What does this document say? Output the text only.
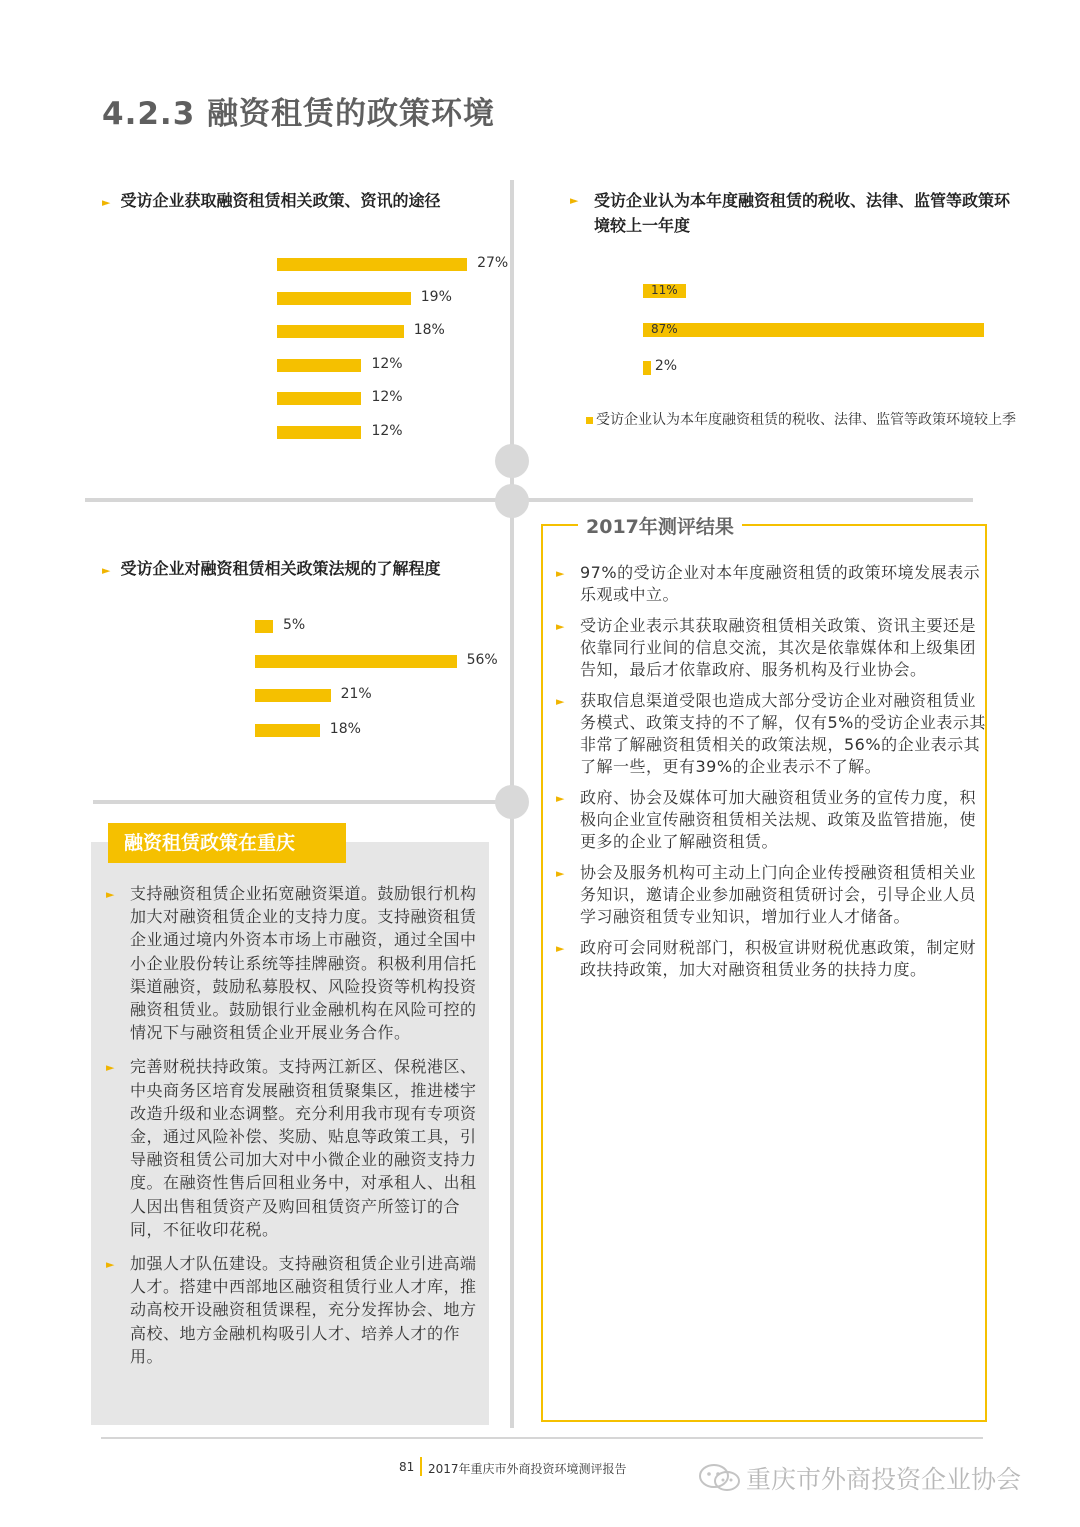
4.2.3 融资租赁的政策环境
► 受访企业获取融资租赁相关政策、资讯的途径
27%
19%
18%
12%
12%
12%
► 受访企业认为本年度融资租赁的税收、法律、监管等政策环境较上一年度
11%
87%
2%
受访企业认为本年度融资租赁的税收、法律、监管等政策环境较上季
► 受访企业对融资租赁相关政策法规的了解程度
5%
56%
21%
18%
2017年测评结果
► 97%的受访企业对本年度融资租赁的政策环境发展表示乐观或中立。
► 受访企业表示其获取融资租赁相关政策、资讯主要还是依靠同行业间的信息交流，其次是依靠媒体和上级集团告知，最后才依靠政府、服务机构及行业协会。
► 获取信息渠道受限也造成大部分受访企业对融资租赁业务模式、政策支持的不了解，仅有5%的受访企业表示其非常了解融资租赁相关的政策法规，56%的企业表示其了解一些，更有39%的企业表示不了解。
► 政府、协会及媒体可加大融资租赁业务的宣传力度，积极向企业宣传融资租赁相关法规、政策及监管措施，使更多的企业了解融资租赁。
► 协会及服务机构可主动上门向企业传授融资租赁相关业务知识，邀请企业参加融资租赁研讨会，引导企业人员学习融资租赁专业知识，增加行业人才储备。
► 政府可会同财税部门，积极宣讲财税优惠政策，制定财政扶持政策，加大对融资租赁业务的扶持力度。
融资租赁政策在重庆
► 支持融资租赁企业拓宽融资渠道。鼓励银行机构加大对融资租赁企业的支持力度。支持融资租赁企业通过境内外资本市场上市融资，通过全国中小企业股份转让系统等挂牌融资。积极利用信托渠道融资，鼓励私募股权、风险投资等机构投资融资租赁业。鼓励银行业金融机构在风险可控的情况下与融资租赁企业开展业务合作。
► 完善财税扶持政策。支持两江新区、保税港区、中央商务区培育发展融资租赁聚集区，推进楼宇改造升级和业态调整。充分利用我市现有专项资金，通过风险补偿、奖励、贴息等政策工具，引导融资租赁公司加大对中小微企业的融资支持力度。在融资性售后回租业务中，对承租人、出租人因出售租赁资产及购回租赁资产所签订的合同，不征收印花税。
► 加强人才队伍建设。支持融资租赁企业引进高端人才。搭建中西部地区融资租赁行业人才库，推动高校开设融资租赁课程，充分发挥协会、地方高校、地方金融机构吸引人才、培养人才的作用。
81 2017年重庆市外商投资环境测评报告	重庆市外商投资企业协会
